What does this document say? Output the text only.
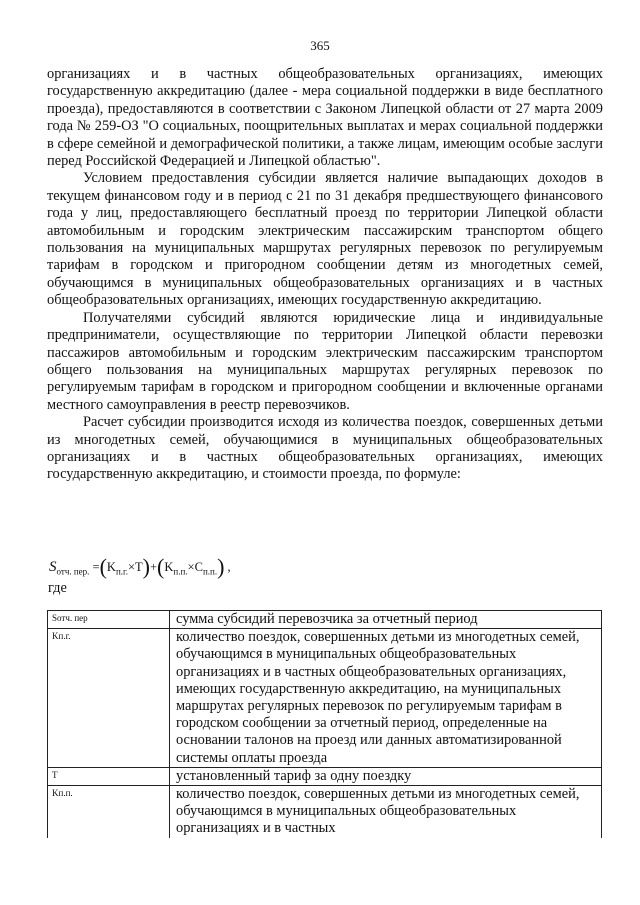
365

организациях и в частных общеобразовательных организациях, имеющих государственную аккредитацию (далее - мера социальной поддержки в виде бесплатного проезда), предоставляются в соответствии с Законом Липецкой области от 27 марта 2009 года № 259-ОЗ "О социальных, поощрительных выплатах и мерах социальной поддержки в сфере семейной и демографической политики, а также лицам, имеющим особые заслуги перед Российской Федерацией и Липецкой областью".

Условием предоставления субсидии является наличие выпадающих доходов в текущем финансовом году и в период с 21 по 31 декабря предшествующего финансового года у лиц, предоставляющего бесплатный проезд по территории Липецкой области автомобильным и городским электрическим пассажирским транспортом общего пользования на муниципальных маршрутах регулярных перевозок по регулируемым тарифам в городском и пригородном сообщении детям из многодетных семей, обучающимся в муниципальных общеобразовательных организациях и в частных общеобразовательных организациях, имеющих государственную аккредитацию.

Получателями субсидий являются юридические лица и индивидуальные предприниматели, осуществляющие по территории Липецкой области перевозки пассажиров автомобильным и городским электрическим пассажирским транспортом общего пользования на муниципальных маршрутах регулярных перевозок по регулируемым тарифам в городском и пригородном сообщении и включенные органами местного самоуправления в реестр перевозчиков.

Расчет субсидии производится исходя из количества поездок, совершенных детьми из многодетных семей, обучающимися в муниципальных общеобразовательных организациях и в частных общеобразовательных организациях, имеющих государственную аккредитацию, и стоимости проезда, по формуле:

$S_{отч. пер.} =(K_{п.г.}\times T)+(K_{п.п.}\times C_{п.п.})$ ,
где
Sотч. пер	сумма субсидий перевозчика за отчетный период
Kп.г.	количество поездок, совершенных детьми из многодетных семей, обучающимся в муниципальных общеобразовательных организациях и в частных общеобразовательных организациях, имеющих государственную аккредитацию, на муниципальных маршрутах регулярных перевозок по регулируемым тарифам в городском сообщении за отчетный период, определенные на основании талонов на проезд или данных автоматизированной системы оплаты проезда
T	установленный тариф за одну поездку
Kп.п.	количество поездок, совершенных детьми из многодетных семей, обучающимся в муниципальных общеобразовательных организациях и в частных
